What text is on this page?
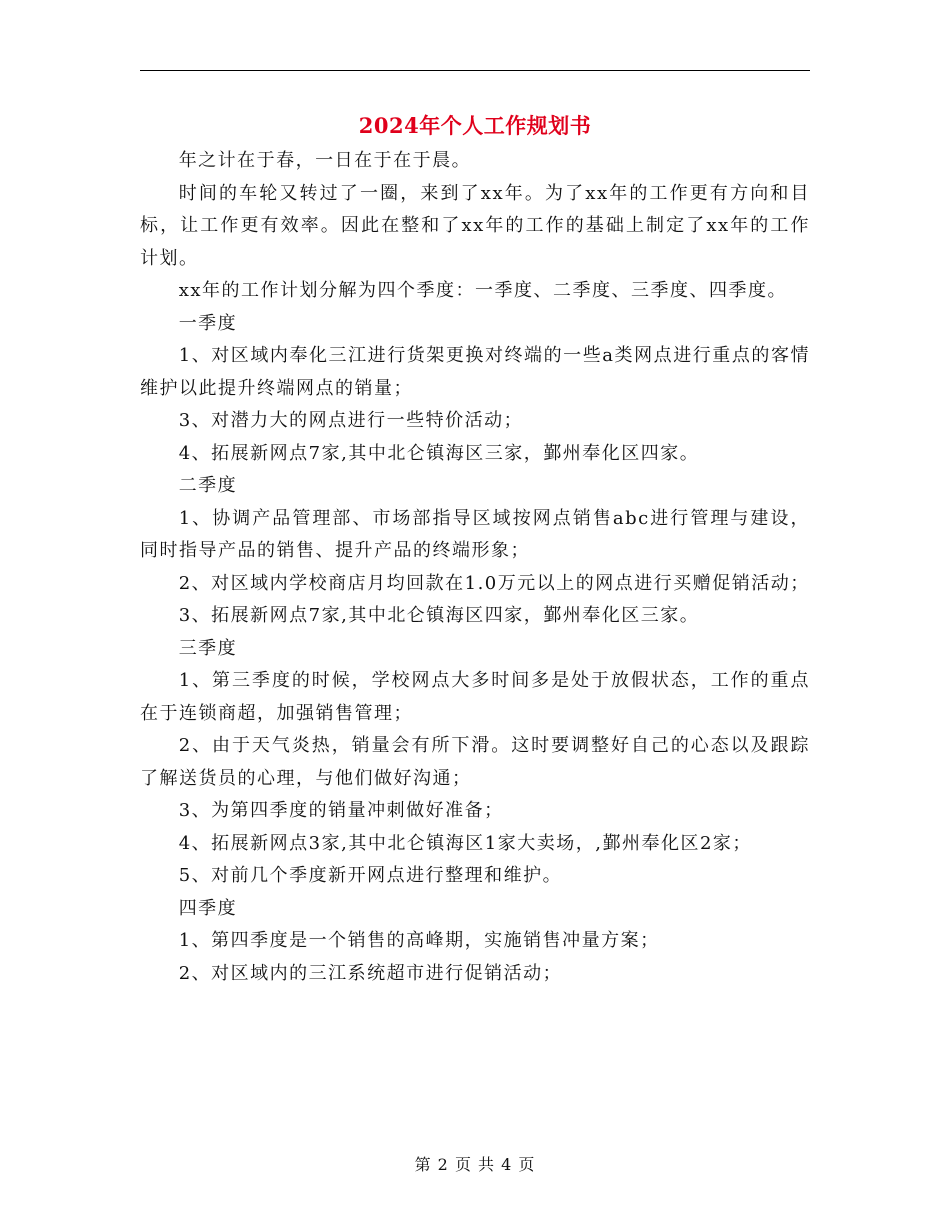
2024年个人工作规划书

年之计在于春，一日在于在于晨。

时间的车轮又转过了一圈，来到了xx年。为了xx年的工作更有方向和目标，让工作更有效率。因此在整和了xx年的工作的基础上制定了xx年的工作计划。

xx年的工作计划分解为四个季度：一季度、二季度、三季度、四季度。

一季度

1、对区域内奉化三江进行货架更换对终端的一些a类网点进行重点的客情维护以此提升终端网点的销量；

3、对潜力大的网点进行一些特价活动；

4、拓展新网点7家,其中北仑镇海区三家，鄞州奉化区四家。

二季度

1、协调产品管理部、市场部指导区域按网点销售abc进行管理与建设，同时指导产品的销售、提升产品的终端形象；

2、对区域内学校商店月均回款在1.0万元以上的网点进行买赠促销活动；

3、拓展新网点7家,其中北仑镇海区四家，鄞州奉化区三家。

三季度

1、第三季度的时候，学校网点大多时间多是处于放假状态，工作的重点在于连锁商超，加强销售管理；

2、由于天气炎热，销量会有所下滑。这时要调整好自己的心态以及跟踪了解送货员的心理，与他们做好沟通；

3、为第四季度的销量冲刺做好准备；

4、拓展新网点3家,其中北仑镇海区1家大卖场，,鄞州奉化区2家；

5、对前几个季度新开网点进行整理和维护。

四季度

1、第四季度是一个销售的高峰期，实施销售冲量方案；

2、对区域内的三江系统超市进行促销活动；

第 2 页 共 4 页
